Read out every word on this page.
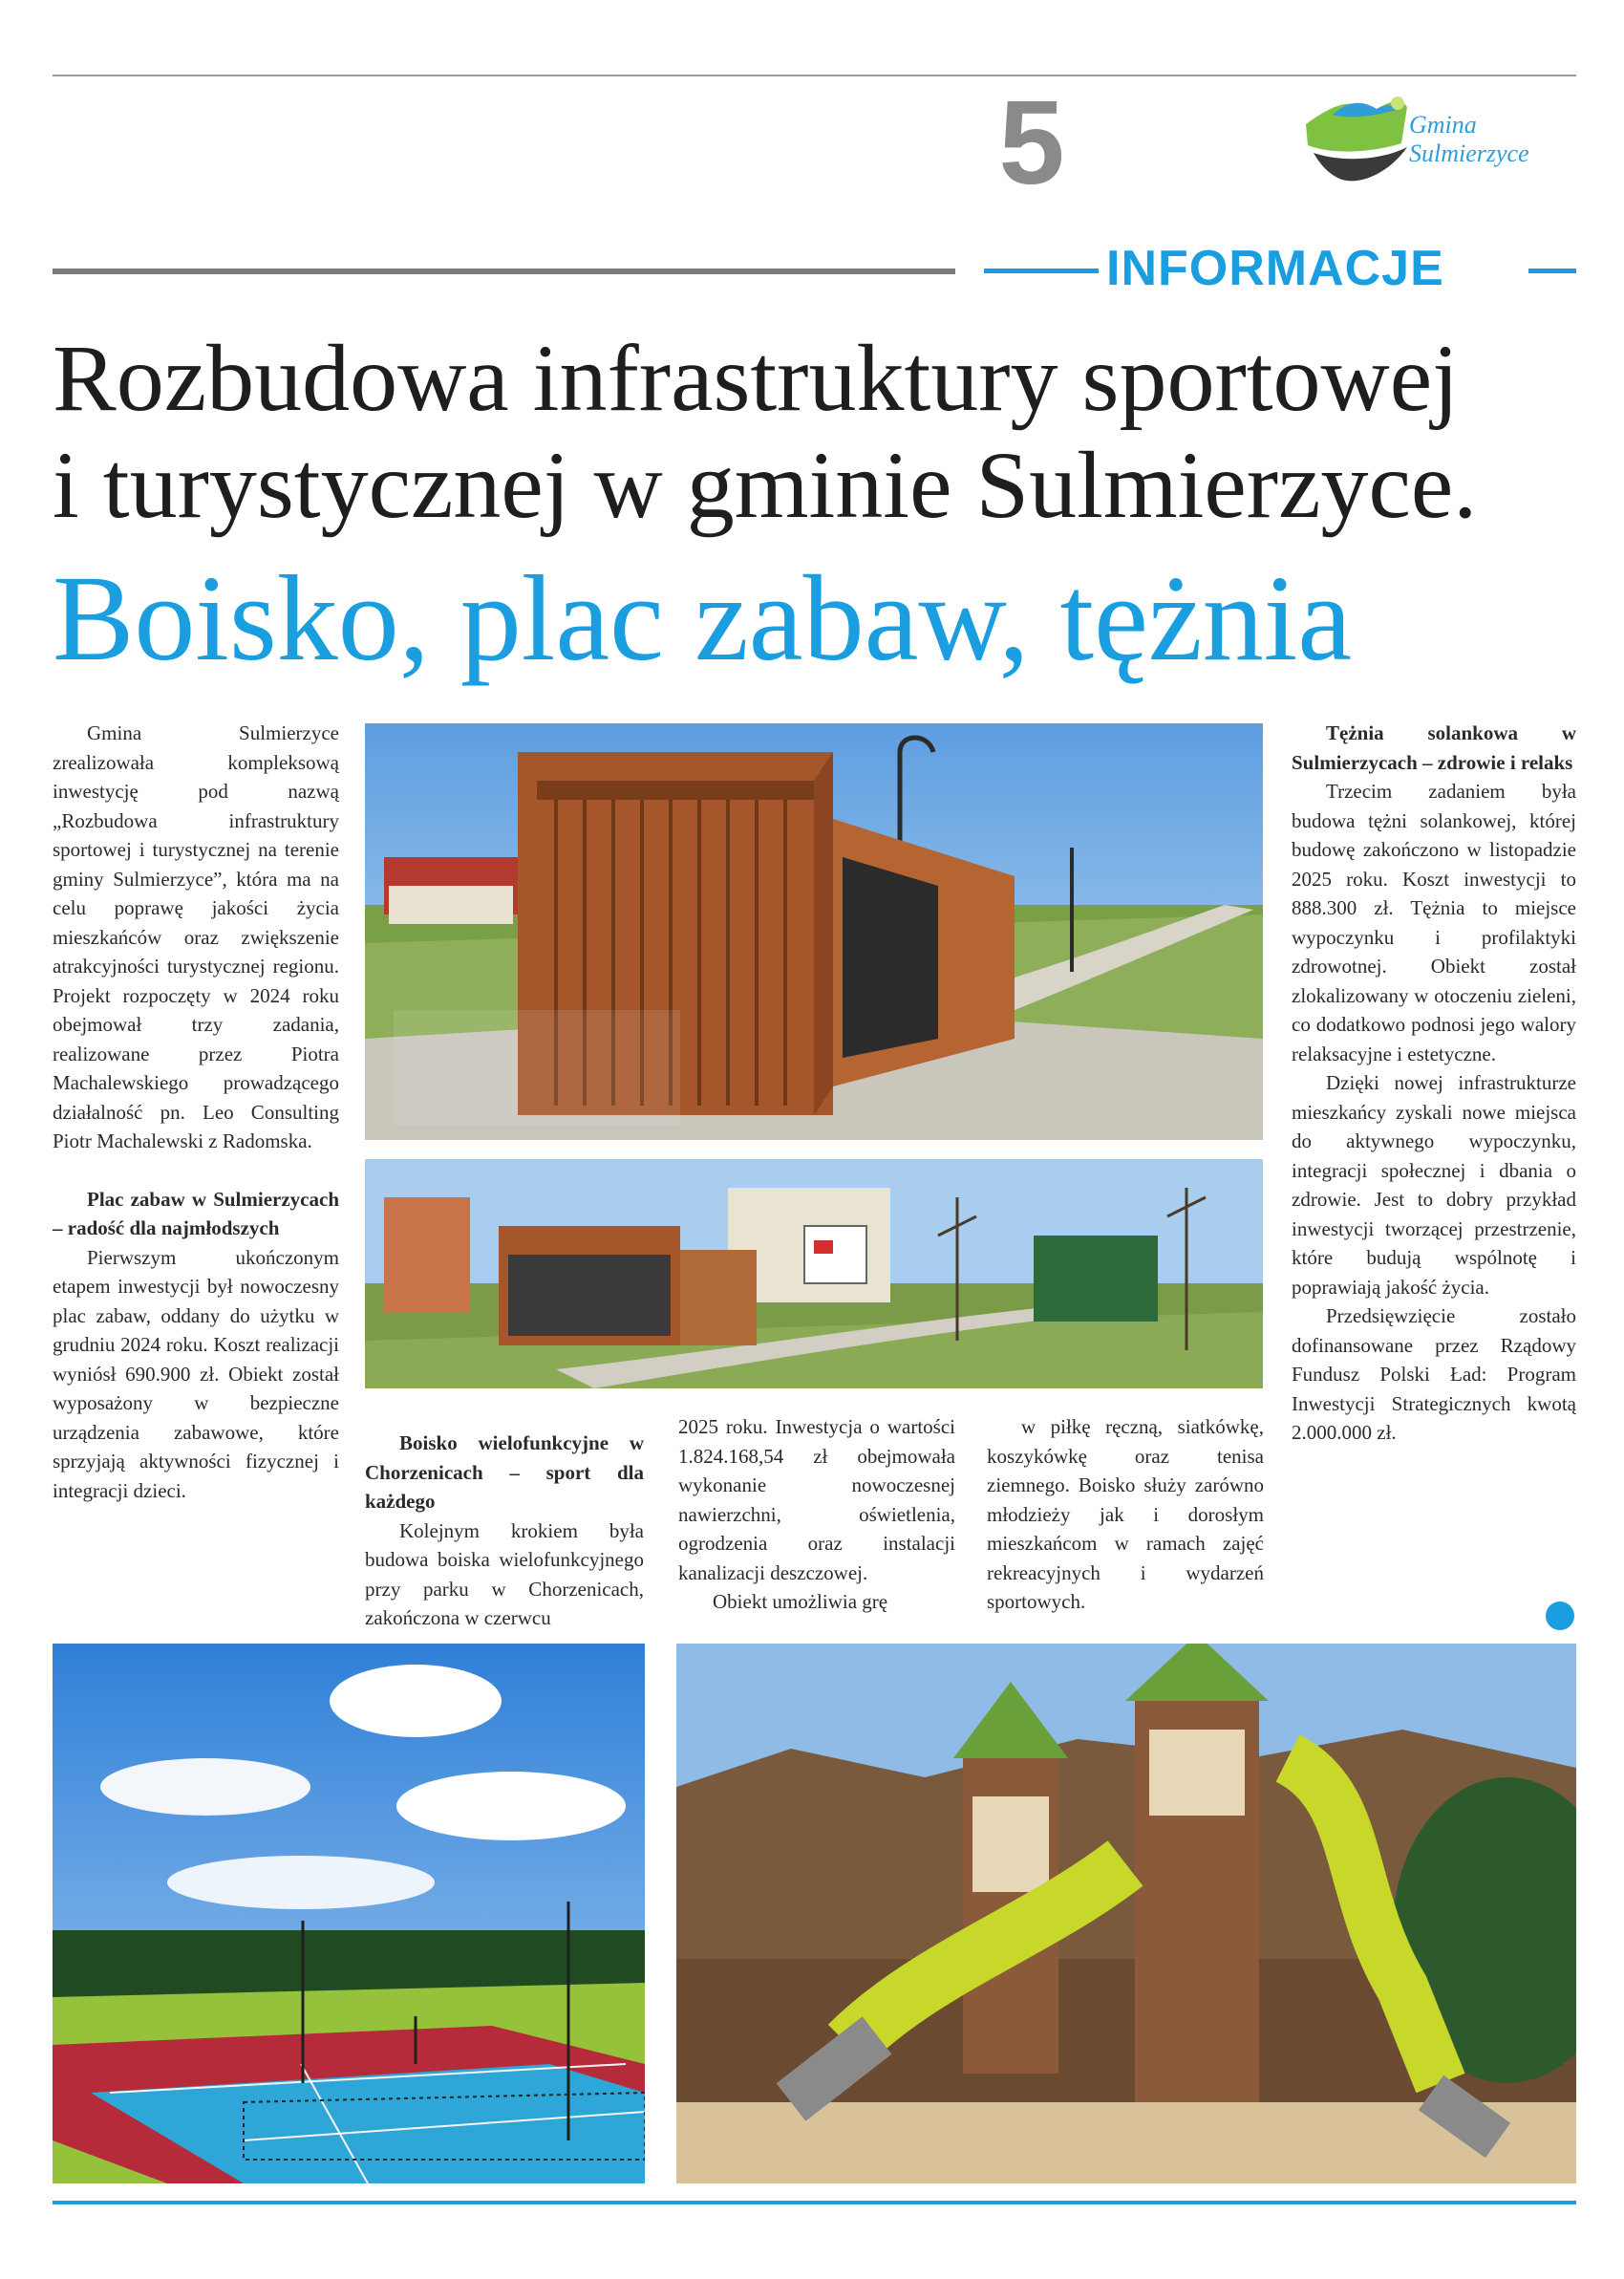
5	Gmina
Sulmierzyce
INFORMACJE
Rozbudowa infrastruktury sportowej
i turystycznej w gminie Sulmierzyce.
Boisko, plac zabaw, tężnia

Gmina Sulmierzyce zrealizowała kompleksową inwestycję pod nazwą „Rozbudowa infrastruktury sportowej i turystycznej na terenie gminy Sulmierzyce”, która ma na celu poprawę jakości życia mieszkańców oraz zwiększenie atrakcyjności turystycznej regionu. Projekt rozpoczęty w 2024 roku obejmował trzy zadania, realizowane przez Piotra Machalewskiego prowadzącego działalność pn. Leo Consulting Piotr Machalewski z Radomska.

Plac zabaw w Sulmierzycach – radość dla najmłodszych

Pierwszym ukończonym etapem inwestycji był nowoczesny plac zabaw, oddany do użytku w grudniu 2024 roku. Koszt realizacji wyniósł 690.900 zł. Obiekt został wyposażony w bezpieczne urządzenia zabawowe, które sprzyjają aktywności fizycznej i integracji dzieci.

Boisko wielofunkcyjne w Chorzenicach – sport dla każdego

Kolejnym krokiem była budowa boiska wielofunkcyjnego przy parku w Chorzenicach, zakończona w czerwcu

2025 roku. Inwestycja o wartości 1.824.168,54 zł obejmowała wykonanie nowoczesnej nawierzchni, oświetlenia, ogrodzenia oraz instalacji kanalizacji deszczowej.

Obiekt umożliwia grę

w piłkę ręczną, siatkówkę, koszykówkę oraz tenisa ziemnego. Boisko służy zarówno młodzieży jak i dorosłym mieszkańcom w ramach zajęć rekreacyjnych i wydarzeń sportowych.

Tężnia solankowa w Sulmierzycach – zdrowie i relaks

Trzecim zadaniem była budowa tężni solankowej, której budowę zakończono w listopadzie 2025 roku. Koszt inwestycji to 888.300 zł. Tężnia to miejsce wypoczynku i profilaktyki zdrowotnej. Obiekt został zlokalizowany w otoczeniu zieleni, co dodatkowo podnosi jego walory relaksacyjne i estetyczne.

Dzięki nowej infrastrukturze mieszkańcy zyskali nowe miejsca do aktywnego wypoczynku, integracji społecznej i dbania o zdrowie. Jest to dobry przykład inwestycji tworzącej przestrzenie, które budują wspólnotę i poprawiają jakość życia.

Przedsięwzięcie zostało dofinansowane przez Rządowy Fundusz Polski Ład: Program Inwestycji Strategicznych kwotą 2.000.000 zł.
